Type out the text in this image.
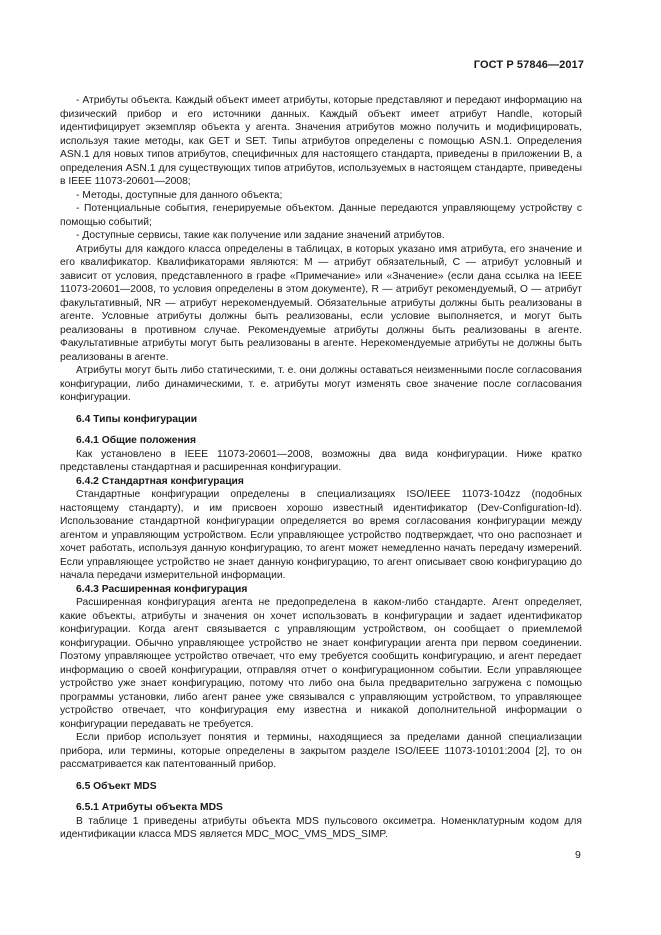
ГОСТ Р 57846—2017

- Атрибуты объекта. Каждый объект имеет атрибуты, которые представляют и передают информацию на физический прибор и его источники данных. Каждый объект имеет атрибут Handle, который идентифицирует экземпляр объекта у агента. Значения атрибутов можно получить и модифицировать, используя такие методы, как GET и SET. Типы атрибутов определены с помощью ASN.1. Определения ASN.1 для новых типов атрибутов, специфичных для настоящего стандарта, приведены в приложении B, а определения ASN.1 для существующих типов атрибутов, используемых в настоящем стандарте, приведены в IEEE 11073-20601—2008;

- Методы, доступные для данного объекта;

- Потенциальные события, генерируемые объектом. Данные передаются управляющему устройству с помощью событий;

- Доступные сервисы, такие как получение или задание значений атрибутов.

Атрибуты для каждого класса определены в таблицах, в которых указано имя атрибута, его значение и его квалификатор. Квалификаторами являются: M — атрибут обязательный, C — атрибут условный и зависит от условия, представленного в графе «Примечание» или «Значение» (если дана ссылка на IEEE 11073-20601—2008, то условия определены в этом документе), R — атрибут рекомендуемый, O — атрибут факультативный, NR — атрибут нерекомендуемый. Обязательные атрибуты должны быть реализованы в агенте. Условные атрибуты должны быть реализованы, если условие выполняется, и могут быть реализованы в противном случае. Рекомендуемые атрибуты должны быть реализованы в агенте. Факультативные атрибуты могут быть реализованы в агенте. Нерекомендуемые атрибуты не должны быть реализованы в агенте.

Атрибуты могут быть либо статическими, т. е. они должны оставаться неизменными после согласования конфигурации, либо динамическими, т. е. атрибуты могут изменять свое значение после согласования конфигурации.

6.4 Типы конфигурации

6.4.1 Общие положения

Как установлено в IEEE 11073-20601—2008, возможны два вида конфигурации. Ниже кратко представлены стандартная и расширенная конфигурации.

6.4.2 Стандартная конфигурация

Стандартные конфигурации определены в специализациях ISO/IEEE 11073-104zz (подобных настоящему стандарту), и им присвоен хорошо известный идентификатор (Dev-Configuration-Id). Использование стандартной конфигурации определяется во время согласования конфигурации между агентом и управляющим устройством. Если управляющее устройство подтверждает, что оно распознает и хочет работать, используя данную конфигурацию, то агент может немедленно начать передачу измерений. Если управляющее устройство не знает данную конфигурацию, то агент описывает свою конфигурацию до начала передачи измерительной информации.

6.4.3 Расширенная конфигурация

Расширенная конфигурация агента не предопределена в каком-либо стандарте. Агент определяет, какие объекты, атрибуты и значения он хочет использовать в конфигурации и задает идентификатор конфигурации. Когда агент связывается с управляющим устройством, он сообщает о приемлемой конфигурации. Обычно управляющее устройство не знает конфигурации агента при первом соединении. Поэтому управляющее устройство отвечает, что ему требуется сообщить конфигурацию, и агент передает информацию о своей конфигурации, отправляя отчет о конфигурационном событии. Если управляющее устройство уже знает конфигурацию, потому что либо она была предварительно загружена с помощью программы установки, либо агент ранее уже связывался с управляющим устройством, то управляющее устройство отвечает, что конфигурация ему известна и никакой дополнительной информации о конфигурации передавать не требуется.

Если прибор использует понятия и термины, находящиеся за пределами данной специализации прибора, или термины, которые определены в закрытом разделе ISO/IEEE 11073-10101:2004 [2], то он рассматривается как патентованный прибор.

6.5 Объект MDS

6.5.1 Атрибуты объекта MDS

В таблице 1 приведены атрибуты объекта MDS пульсового оксиметра. Номенклатурным кодом для идентификации класса MDS является MDC_MOC_VMS_MDS_SIMP.

9
